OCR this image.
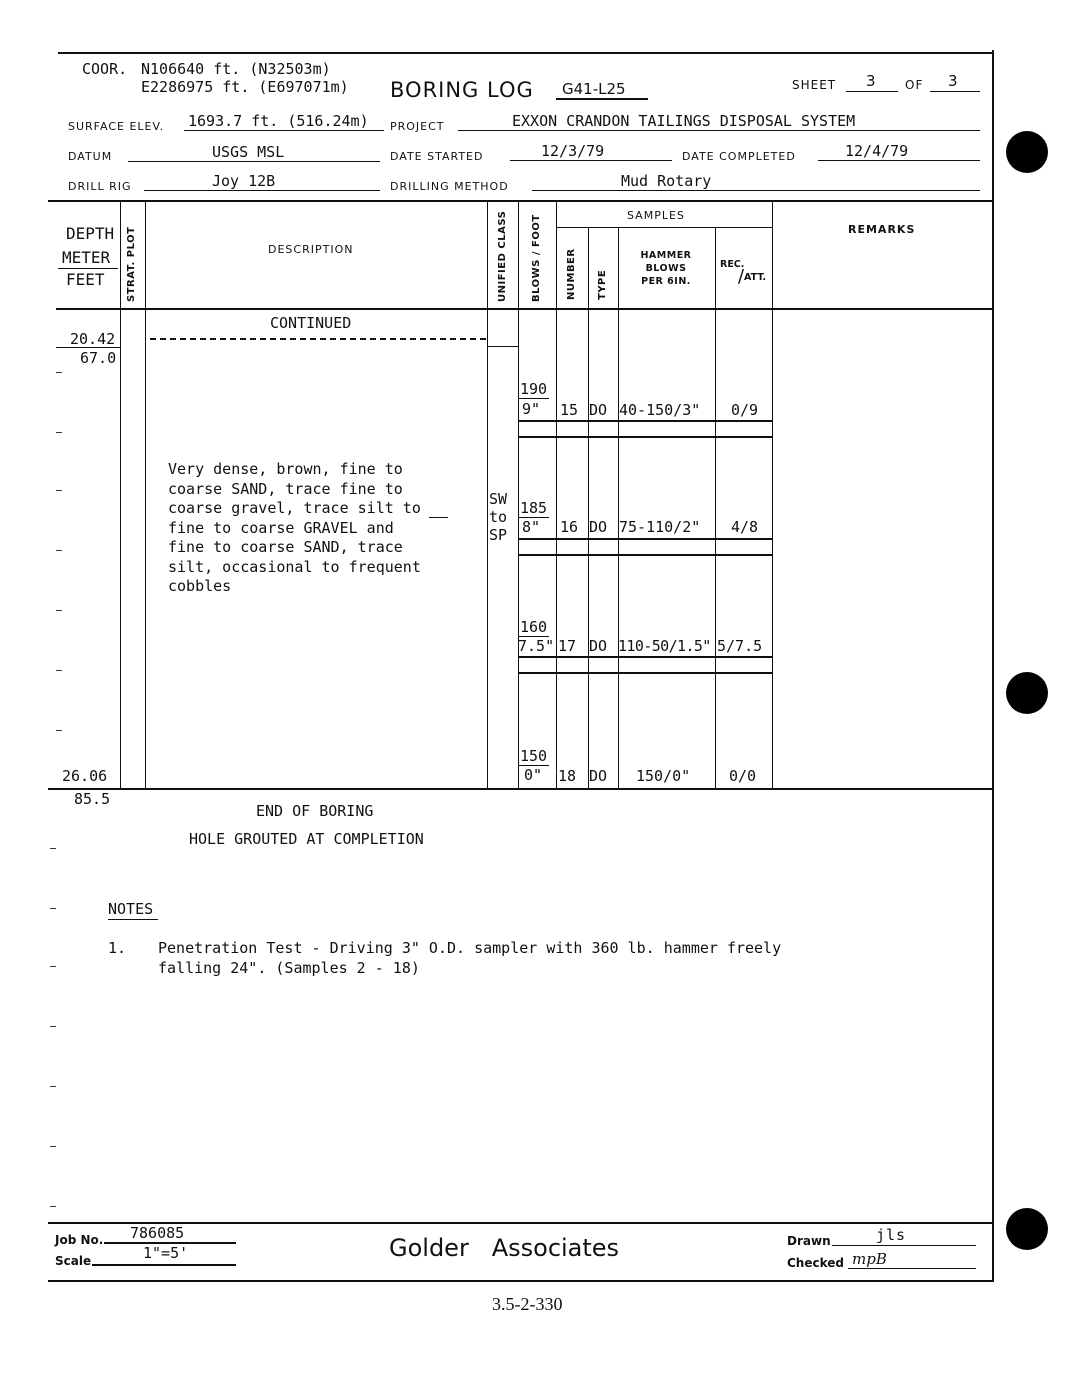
COOR. N106640 ft. (N32503m)
E2286975 ft. (E697071m) BORING LOG G41-L25	SHEET 3 OF 3
SURFACE ELEV. 1693.7 ft. (516.24m) PROJECT	EXXON CRANDON TAILINGS DISPOSAL SYSTEM
DATUM	USGS MSL	DATE STARTED	12/3/79	DATE COMPLETED	12/4/79
DRILL RIG	Joy 12B	DRILLING METHOD	Mud Rotary
DEPTH
METER
FEET STRAT. PLOT	DESCRIPTION	UNIFIED CLASS BLOWS / FOOT	SAMPLES
NUMBER TYPE
HAMMER
BLOWS
PER 6IN.
REC.
/ ATT.
REMARKS
CONTINUED
20.42
67.0
Very dense, brown, fine to
coarse SAND, trace fine to
coarse gravel, trace silt to
fine to coarse GRAVEL and
fine to coarse SAND, trace
silt, occasional to frequent
cobbles
SW
to
SP
190
9" 15 DO 40-150/3" 0/9
185
8" 16 DO 75-110/2" 4/8
160
7.5" 17 DO 110-50/1.5" 5/7.5
150
0" 18 DO 150/0"	0/0
26.06
85.5
END OF BORING
HOLE GROUTED AT COMPLETION
NOTES
1. Penetration Test - Driving 3" O.D. sampler with 360 lb. hammer freely
falling 24". (Samples 2 - 18)
Job No. 786085
Scale	1"=5'	Golder   Associates	Drawn	jls
Checked mpB
3.5-2-330
